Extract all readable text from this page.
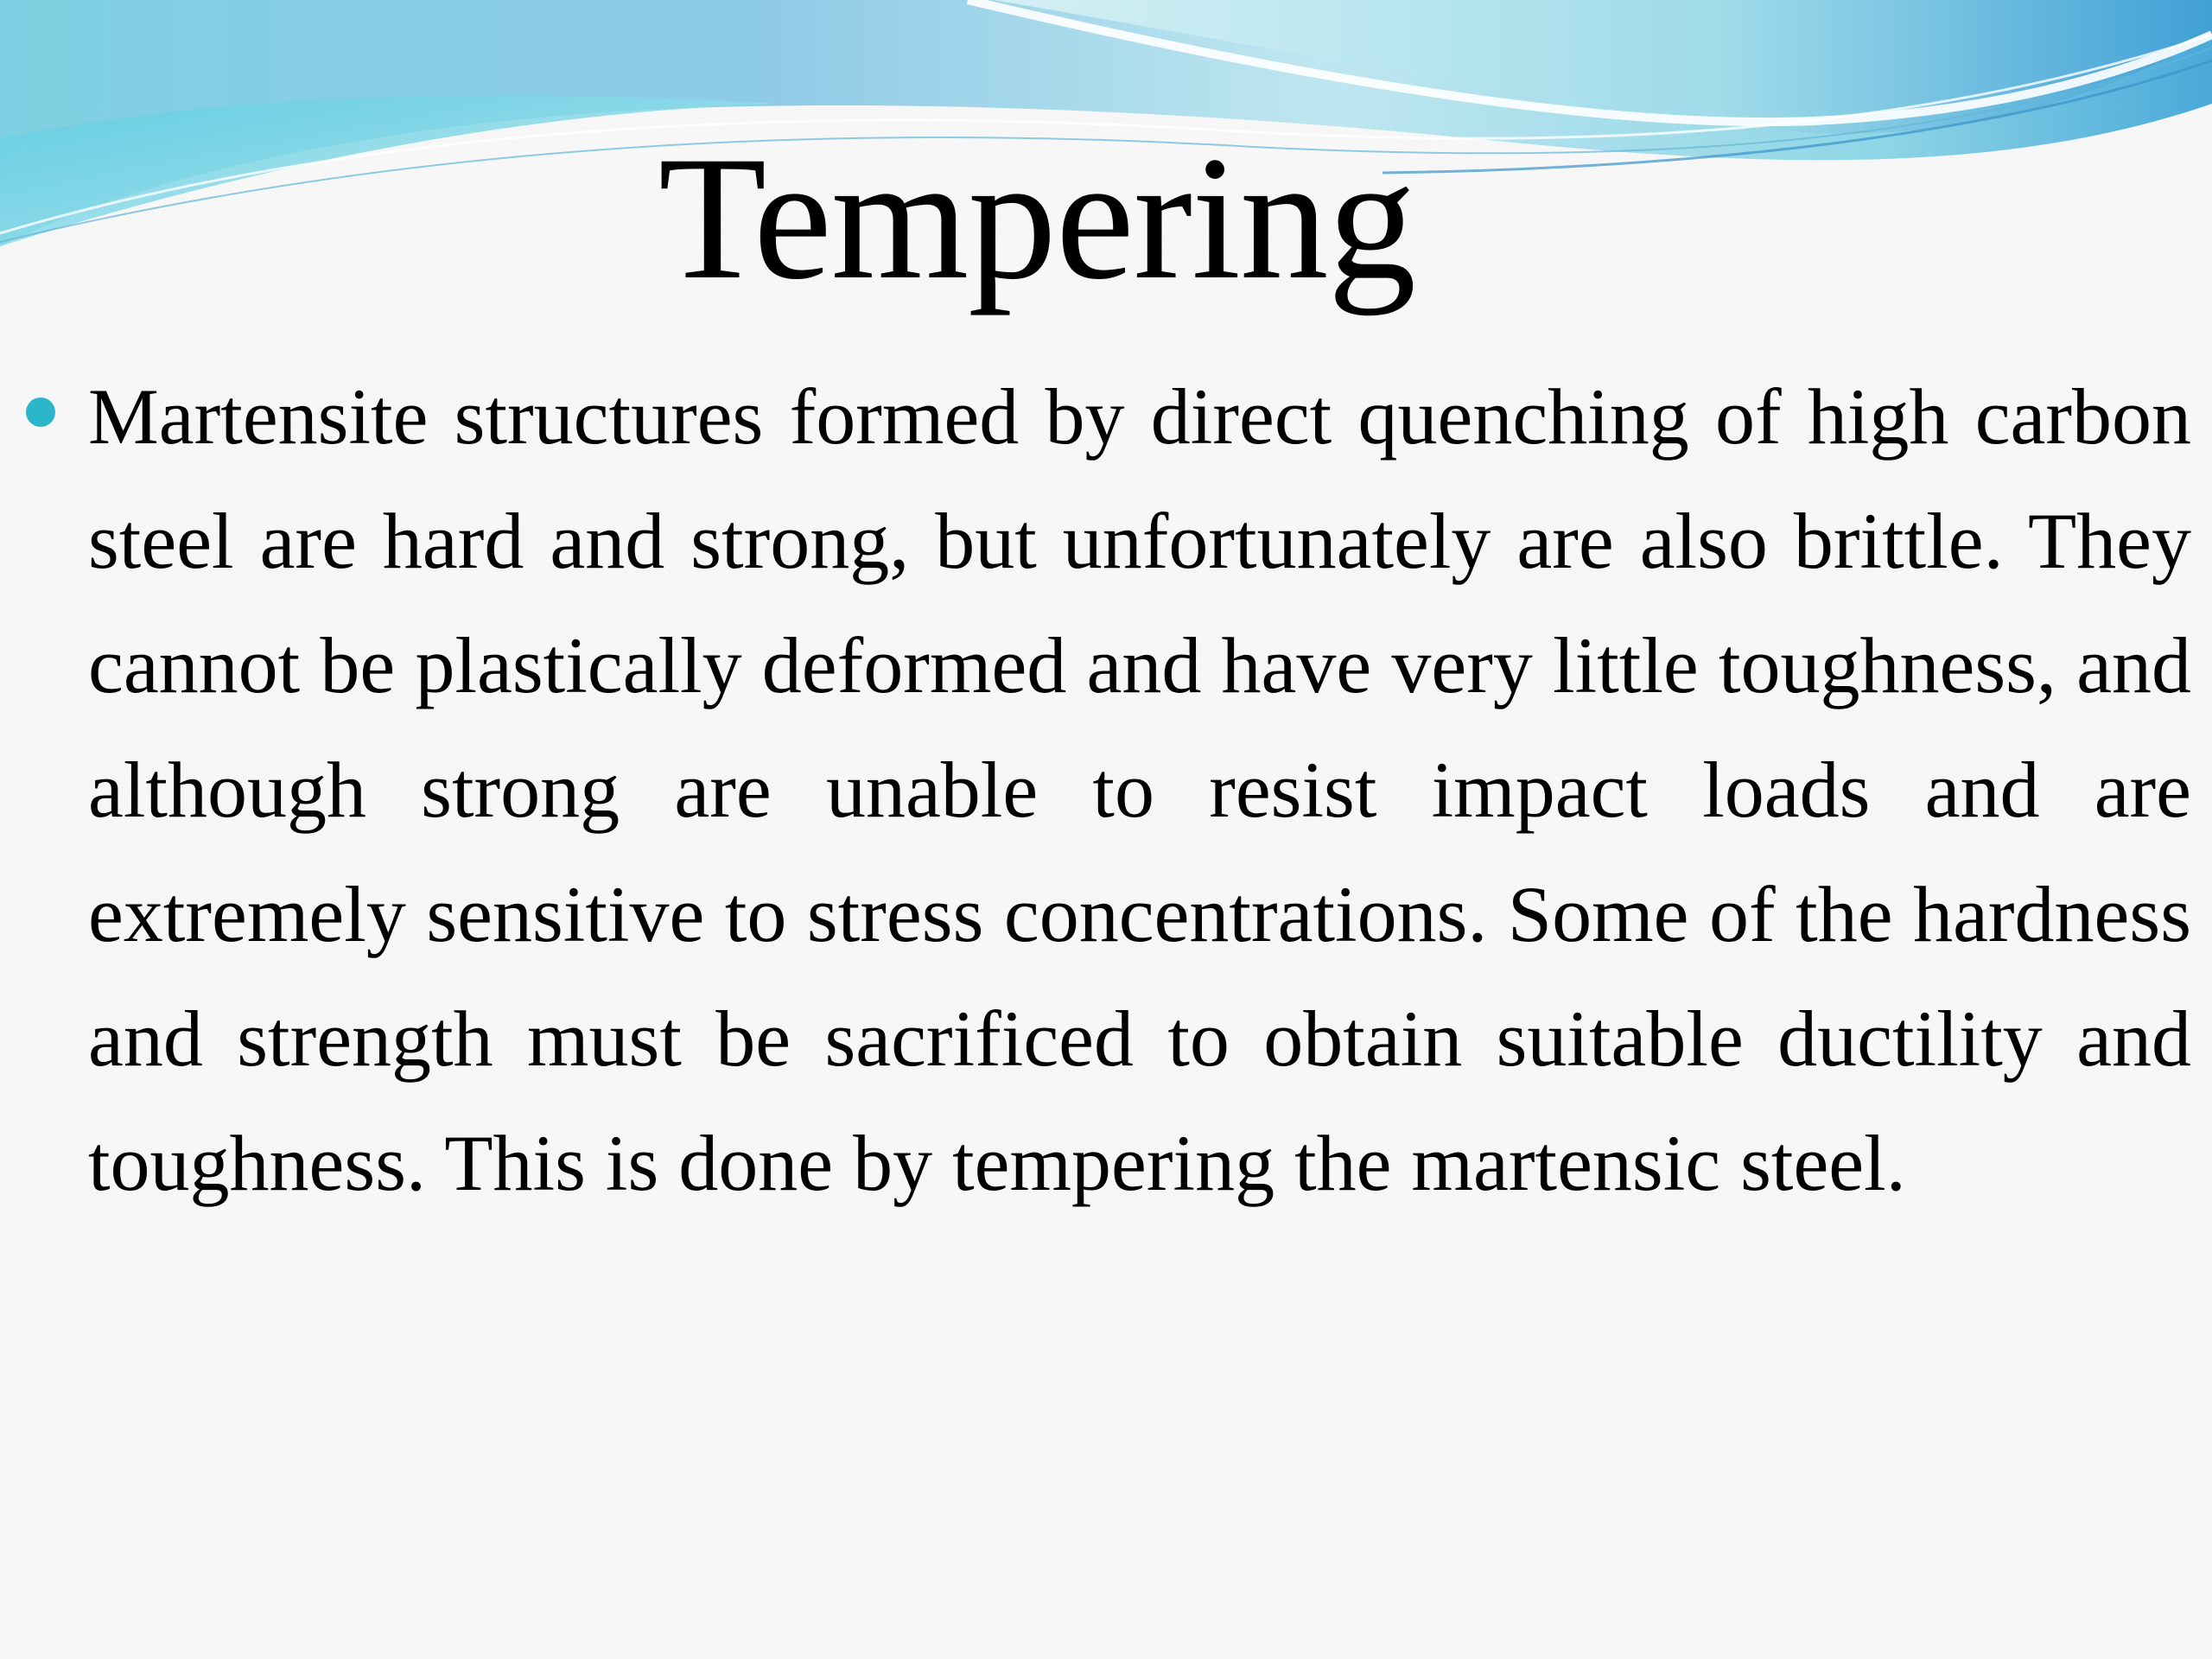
Tempering

Martensite structures formed by direct quenching of high carbon steel are hard and strong, but unfortunately are also brittle. They cannot be plastically deformed and have very little toughness, and although strong are unable to resist impact loads and are extremely sensitive to stress concentrations. Some of the hardness and strength must be sacrificed to obtain suitable ductility and toughness. This is done by tempering the martensic steel.
